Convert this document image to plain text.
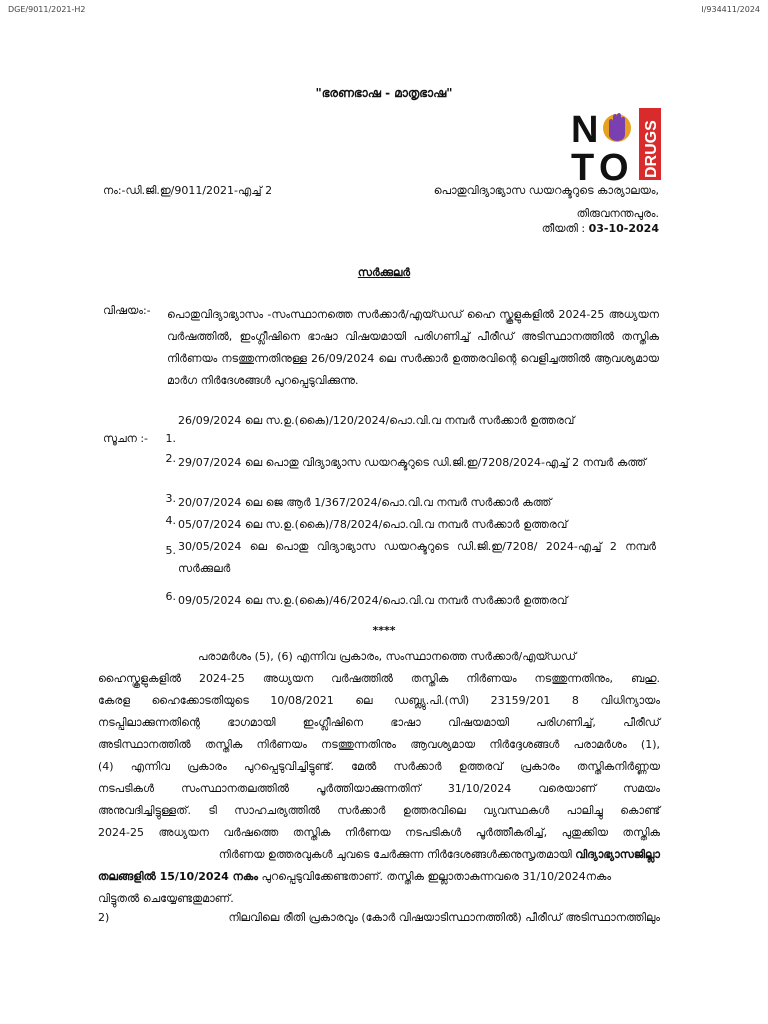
DGE/9011/2021-H2	I/934411/2024
"ഭരണഭാഷ - മാതൃഭാഷ"
N
T O DRUGS
നം:-ഡി.ജി.ഇ/9011/2021-എച്ച് 2	പൊതുവിദ്യാഭ്യാസ ഡയറക്ടറുടെ കാര്യാലയം,
തിരുവനന്തപുരം.
തീയതി : 03-10-2024
സർക്കുലർ
വിഷയം:- പൊതുവിദ്യാഭ്യാസം -സംസ്ഥാനത്തെ സർക്കാർ/എയ്ഡഡ് ഹൈ സ്കൂളുകളിൽ 2024-25 അധ്യയന വർഷത്തിൽ, ഇംഗ്ലീഷിനെ ഭാഷാ വിഷയമായി പരിഗണിച്ച് പീരീഡ് അടിസ്ഥാനത്തിൽ തസ്തിക നിർണയം നടത്തുന്നതിനുള്ള 26/09/2024 ലെ സർക്കാർ ഉത്തരവിന്റെ വെളിച്ചത്തിൽ ആവശ്യമായ മാർഗ നിർദേശങ്ങൾ പുറപ്പെടുവിക്കുന്നു.
സൂചന :-	1.
26/09/2024 ലെ സ.ഉ.(കൈ)/120/2024/പൊ.വി.വ നമ്പർ സർക്കാർ ഉത്തരവ്
2. 29/07/2024 ലെ പൊതു വിദ്യാഭ്യാസ ഡയറക്ടറുടെ ഡി.ജി.ഇ/7208/2024-എച്ച് 2 നമ്പർ കത്ത്
3. 20/07/2024 ലെ ജെ ആർ 1/367/2024/പൊ.വി.വ നമ്പർ സർക്കാർ കത്ത്
4. 05/07/2024 ലെ സ.ഉ.(കൈ)/78/2024/പൊ.വി.വ നമ്പർ സർക്കാർ ഉത്തരവ്
5. 30/05/2024 ലെ പൊതു വിദ്യാഭ്യാസ ഡയറക്ടറുടെ ഡി.ജി.ഇ/7208/ 2024-എച്ച് 2 നമ്പർ സർക്കുലർ
6. 09/05/2024 ലെ സ.ഉ.(കൈ)/46/2024/പൊ.വി.വ നമ്പർ സർക്കാർ ഉത്തരവ്
****
പരാമർശം (5), (6) എന്നിവ പ്രകാരം, സംസ്ഥാനത്തെ സർക്കാർ/എയ്ഡഡ്
ഹൈസ്കൂളുകളിൽ 2024-25 അധ്യയന വർഷത്തിൽ തസ്തിക നിർണയം നടത്തുന്നതിനും, ബഹു.
കേരള ഹൈക്കോടതിയുടെ 10/08/2021 ലെ ഡബ്ല്യു.പി.(സി) 23159/201 8 വിധിന്യായം
നടപ്പിലാക്കുന്നതിന്റെ ഭാഗമായി ഇംഗ്ലീഷിനെ ഭാഷാ വിഷയമായി പരിഗണിച്ച്, പീരീഡ്
അടിസ്ഥാനത്തിൽ തസ്തിക നിർണയം നടത്തുന്നതിനും ആവശ്യമായ നിർദ്ദേശങ്ങൾ പരാമർശം (1),
(4) എന്നിവ പ്രകാരം പുറപ്പെടുവിച്ചിട്ടുണ്ട്. മേൽ സർക്കാർ ഉത്തരവ് പ്രകാരം തസ്തികനിർണ്ണയ
നടപടികൾ സംസ്ഥാനതലത്തിൽ പൂർത്തിയാക്കുന്നതിന് 31/10/2024 വരെയാണ് സമയം
അനുവദിച്ചിട്ടുള്ളത്. ടി സാഹചര്യത്തിൽ സർക്കാർ ഉത്തരവിലെ വ്യവസ്ഥകൾ പാലിച്ചു കൊണ്ട്
2024-25 അധ്യയന വർഷത്തെ തസ്തിക നിർണയ നടപടികൾ പൂർത്തീകരിച്ച്, പുതുക്കിയ തസ്തിക
നിർണയ ഉത്തരവുകൾ ചുവടെ ചേർക്കുന്ന നിർദേശങ്ങൾക്കനുസൃതമായി വിദ്യാഭ്യാസജില്ലാ
തലങ്ങളിൽ 15/10/2024 നകം പുറപ്പെടുവിക്കേണ്ടതാണ്. തസ്തിക ഇല്ലാതാകുന്നവരെ 31/10/2024നകം
വിട്ടുതൽ ചെയ്യേണ്ടതുമാണ്.
2)	നിലവിലെ രീതി പ്രകാരവും (കോർ വിഷയാടിസ്ഥാനത്തിൽ) പീരീഡ് അടിസ്ഥാനത്തിലും
